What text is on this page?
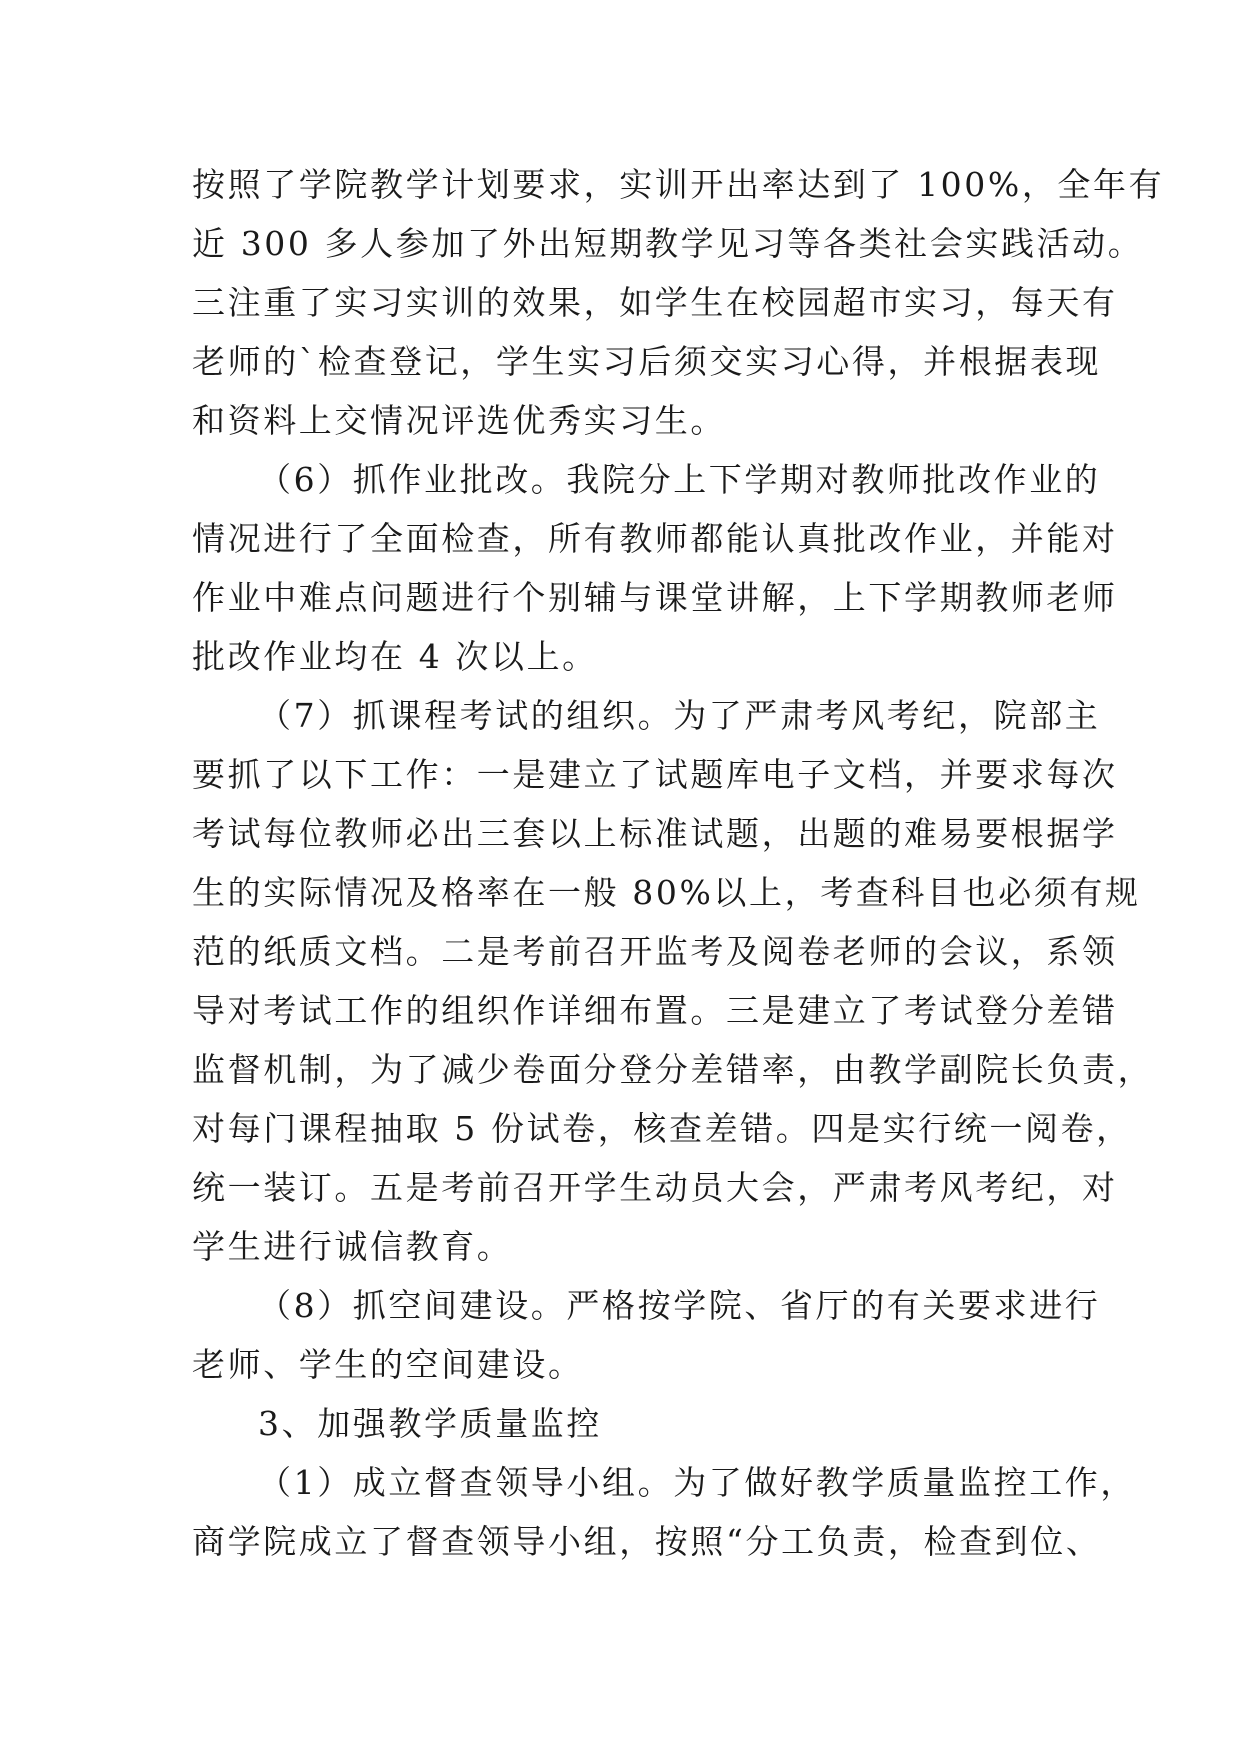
按照了学院教学计划要求，实训开出率达到了 100%，全年有
近 300 多人参加了外出短期教学见习等各类社会实践活动。
三注重了实习实训的效果，如学生在校园超市实习，每天有
老师的`检查登记，学生实习后须交实习心得，并根据表现
和资料上交情况评选优秀实习生。
（6）抓作业批改。我院分上下学期对教师批改作业的
情况进行了全面检查，所有教师都能认真批改作业，并能对
作业中难点问题进行个别辅与课堂讲解，上下学期教师老师
批改作业均在 4 次以上。
（7）抓课程考试的组织。为了严肃考风考纪，院部主
要抓了以下工作：一是建立了试题库电子文档，并要求每次
考试每位教师必出三套以上标准试题，出题的难易要根据学
生的实际情况及格率在一般 80%以上，考查科目也必须有规
范的纸质文档。二是考前召开监考及阅卷老师的会议，系领
导对考试工作的组织作详细布置。三是建立了考试登分差错
监督机制，为了减少卷面分登分差错率，由教学副院长负责，
对每门课程抽取 5 份试卷，核查差错。四是实行统一阅卷，
统一装订。五是考前召开学生动员大会，严肃考风考纪，对
学生进行诚信教育。
（8）抓空间建设。严格按学院、省厅的有关要求进行
老师、学生的空间建设。
3、加强教学质量监控
（1）成立督查领导小组。为了做好教学质量监控工作，
商学院成立了督查领导小组，按照“分工负责，检查到位、
